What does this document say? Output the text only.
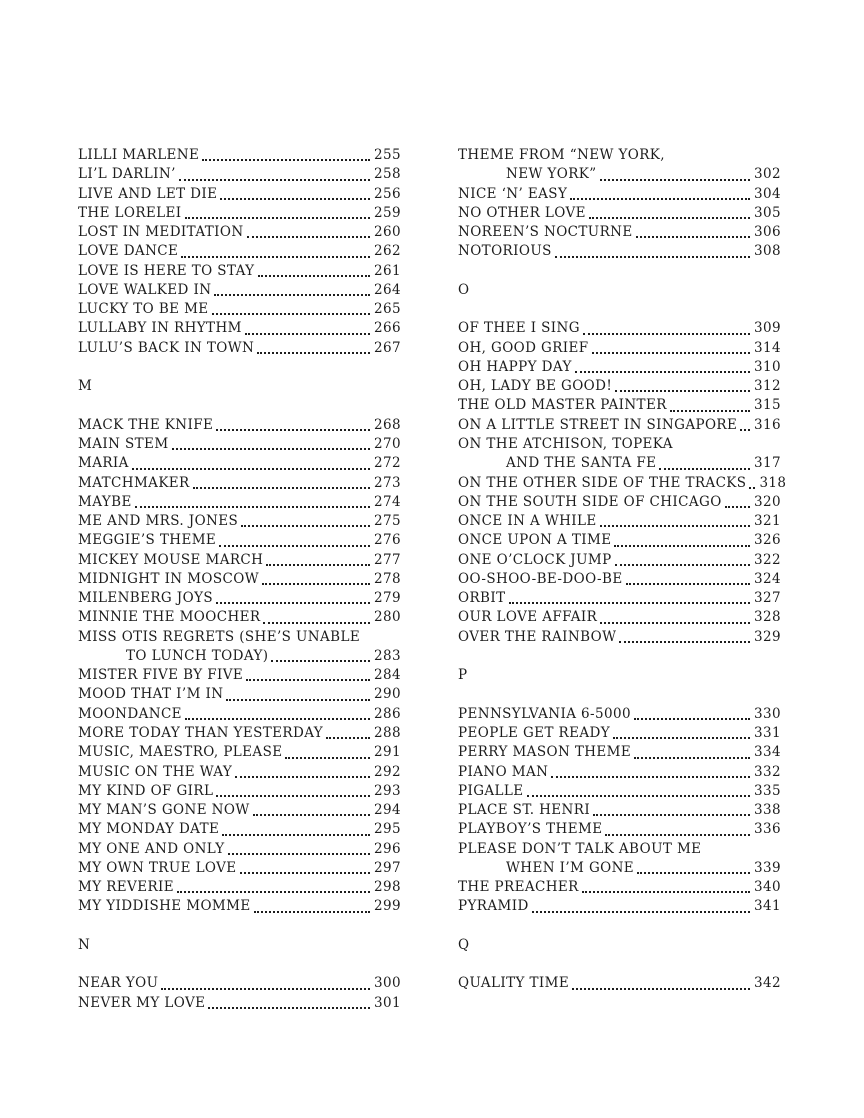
LILLI MARLENE	255
LI’L DARLIN’	258
LIVE AND LET DIE	256
THE LORELEI	259
LOST IN MEDITATION	260
LOVE DANCE	262
LOVE IS HERE TO STAY	261
LOVE WALKED IN	264
LUCKY TO BE ME	265
LULLABY IN RHYTHM	266
LULU’S BACK IN TOWN	267
M
MACK THE KNIFE	268
MAIN STEM	270
MARIA	272
MATCHMAKER	273
MAYBE	274
ME AND MRS. JONES	275
MEGGIE’S THEME	276
MICKEY MOUSE MARCH	277
MIDNIGHT IN MOSCOW	278
MILENBERG JOYS	279
MINNIE THE MOOCHER	280
MISS OTIS REGRETS (SHE’S UNABLE
TO LUNCH TODAY)	283
MISTER FIVE BY FIVE	284
MOOD THAT I’M IN	290
MOONDANCE	286
MORE TODAY THAN YESTERDAY	288
MUSIC, MAESTRO, PLEASE	291
MUSIC ON THE WAY	292
MY KIND OF GIRL	293
MY MAN’S GONE NOW	294
MY MONDAY DATE	295
MY ONE AND ONLY	296
MY OWN TRUE LOVE	297
MY REVERIE	298
MY YIDDISHE MOMME	299
N
NEAR YOU	300
NEVER MY LOVE	301
THEME FROM “NEW YORK,
NEW YORK”	302
NICE ‘N’ EASY	304
NO OTHER LOVE	305
NOREEN’S NOCTURNE	306
NOTORIOUS	308
O
OF THEE I SING	309
OH, GOOD GRIEF	314
OH HAPPY DAY	310
OH, LADY BE GOOD!	312
THE OLD MASTER PAINTER	315
ON A LITTLE STREET IN SINGAPORE 316
ON THE ATCHISON, TOPEKA
AND THE SANTA FE	317
ON THE OTHER SIDE OF THE TRACKS 318
ON THE SOUTH SIDE OF CHICAGO 320
ONCE IN A WHILE	321
ONCE UPON A TIME	326
ONE O’CLOCK JUMP	322
OO-SHOO-BE-DOO-BE	324
ORBIT	327
OUR LOVE AFFAIR	328
OVER THE RAINBOW	329
P
PENNSYLVANIA 6-5000	330
PEOPLE GET READY	331
PERRY MASON THEME	334
PIANO MAN	332
PIGALLE	335
PLACE ST. HENRI	338
PLAYBOY’S THEME	336
PLEASE DON’T TALK ABOUT ME
WHEN I’M GONE	339
THE PREACHER	340
PYRAMID	341
Q
QUALITY TIME	342
